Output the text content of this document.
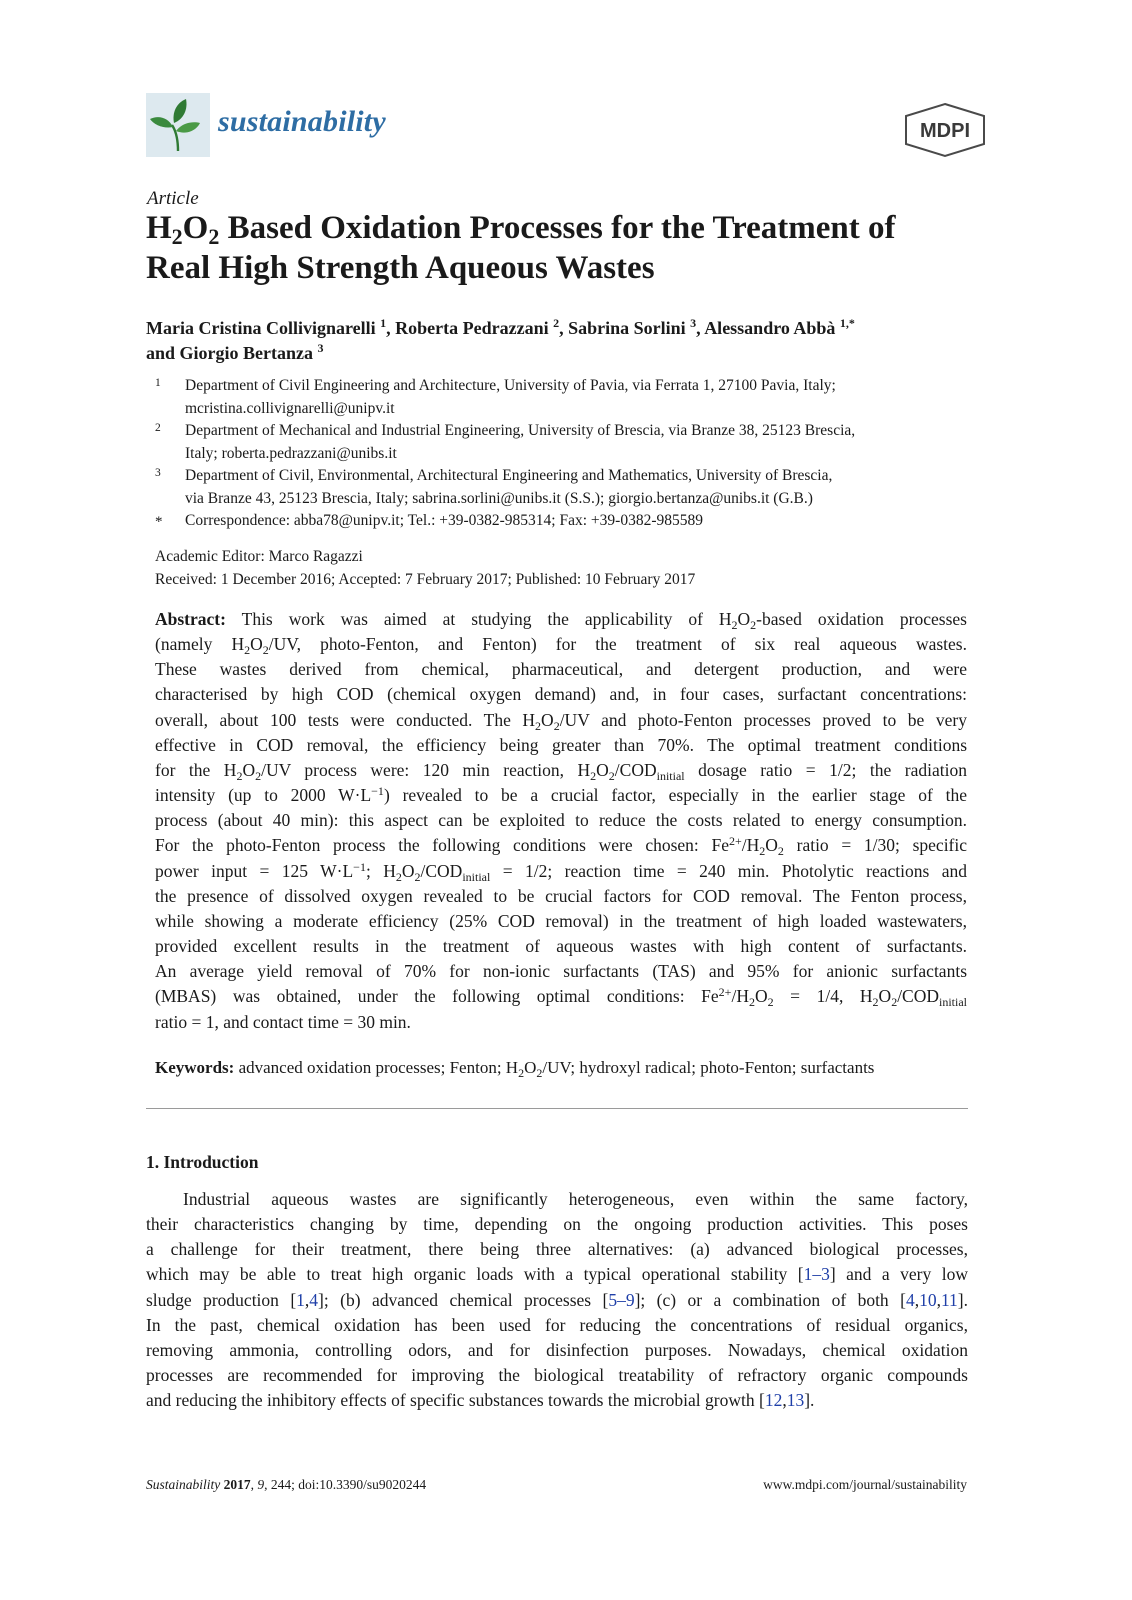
sustainability	MDPI
Article
$H_2O_2$ Based Oxidation Processes for the Treatment of
Real High Strength Aqueous Wastes
Maria Cristina Collivignarelli $^1$, Roberta Pedrazzani $^2$, Sabrina Sorlini $^3$, Alessandro Abbà $^{1,*}$
and Giorgio Bertanza $^3$
1 Department of Civil Engineering and Architecture, University of Pavia, via Ferrata 1, 27100 Pavia, Italy;
mcristina.collivignarelli@unipv.it
2 Department of Mechanical and Industrial Engineering, University of Brescia, via Branze 38, 25123 Brescia,
Italy; roberta.pedrazzani@unibs.it
3 Department of Civil, Environmental, Architectural Engineering and Mathematics, University of Brescia,
via Branze 43, 25123 Brescia, Italy; sabrina.sorlini@unibs.it (S.S.); giorgio.bertanza@unibs.it (G.B.)
* Correspondence: abba78@unipv.it; Tel.: +39-0382-985314; Fax: +39-0382-985589
Academic Editor: Marco Ragazzi
Received: 1 December 2016; Accepted: 7 February 2017; Published: 10 February 2017
Abstract: This work was aimed at studying the applicability of $H_2O_2$-based oxidation processes
(namely $H_2O_2/UV$, photo-Fenton, and Fenton) for the treatment of six real aqueous wastes.
These wastes derived from chemical, pharmaceutical, and detergent production, and were
characterised by high COD (chemical oxygen demand) and, in four cases, surfactant concentrations:
overall, about 100 tests were conducted. The $H_2O_2/UV$ and photo-Fenton processes proved to be very
effective in COD removal, the efficiency being greater than 70%. The optimal treatment conditions
for the $H_2O_2/UV$ process were: 120 min reaction, $H_2O_2/COD_{initial}$ dosage ratio = 1/2; the radiation
intensity (up to 2000 $W\cdot L^{-1}$) revealed to be a crucial factor, especially in the earlier stage of the
process (about 40 min): this aspect can be exploited to reduce the costs related to energy consumption.
For the photo-Fenton process the following conditions were chosen: $Fe^{2+}/H_2O_2$ ratio = 1/30; specific
power input = 125 $W\cdot L^{-1}$; $H_2O_2/COD_{initial} = 1/2$; reaction time = 240 min. Photolytic reactions and
the presence of dissolved oxygen revealed to be crucial factors for COD removal. The Fenton process,
while showing a moderate efficiency (25% COD removal) in the treatment of high loaded wastewaters,
provided excellent results in the treatment of aqueous wastes with high content of surfactants.
An average yield removal of 70% for non-ionic surfactants (TAS) and 95% for anionic surfactants
(MBAS) was obtained, under the following optimal conditions: $Fe^{2+}/H_2O_2 = 1/4$, $H_2O_2/COD_{initial}$
ratio = 1, and contact time = 30 min.
Keywords: advanced oxidation processes; Fenton; $H_2O_2/UV$; hydroxyl radical; photo-Fenton; surfactants
1. Introduction
Industrial aqueous wastes are significantly heterogeneous, even within the same factory,
their characteristics changing by time, depending on the ongoing production activities. This poses
a challenge for their treatment, there being three alternatives: (a) advanced biological processes,
which may be able to treat high organic loads with a typical operational stability [1–3] and a very low
sludge production [1,4]; (b) advanced chemical processes [5–9]; (c) or a combination of both [4,10,11].
In the past, chemical oxidation has been used for reducing the concentrations of residual organics,
removing ammonia, controlling odors, and for disinfection purposes. Nowadays, chemical oxidation
processes are recommended for improving the biological treatability of refractory organic compounds
and reducing the inhibitory effects of specific substances towards the microbial growth [12,13].
Sustainability 2017, 9, 244; doi:10.3390/su9020244	www.mdpi.com/journal/sustainability
